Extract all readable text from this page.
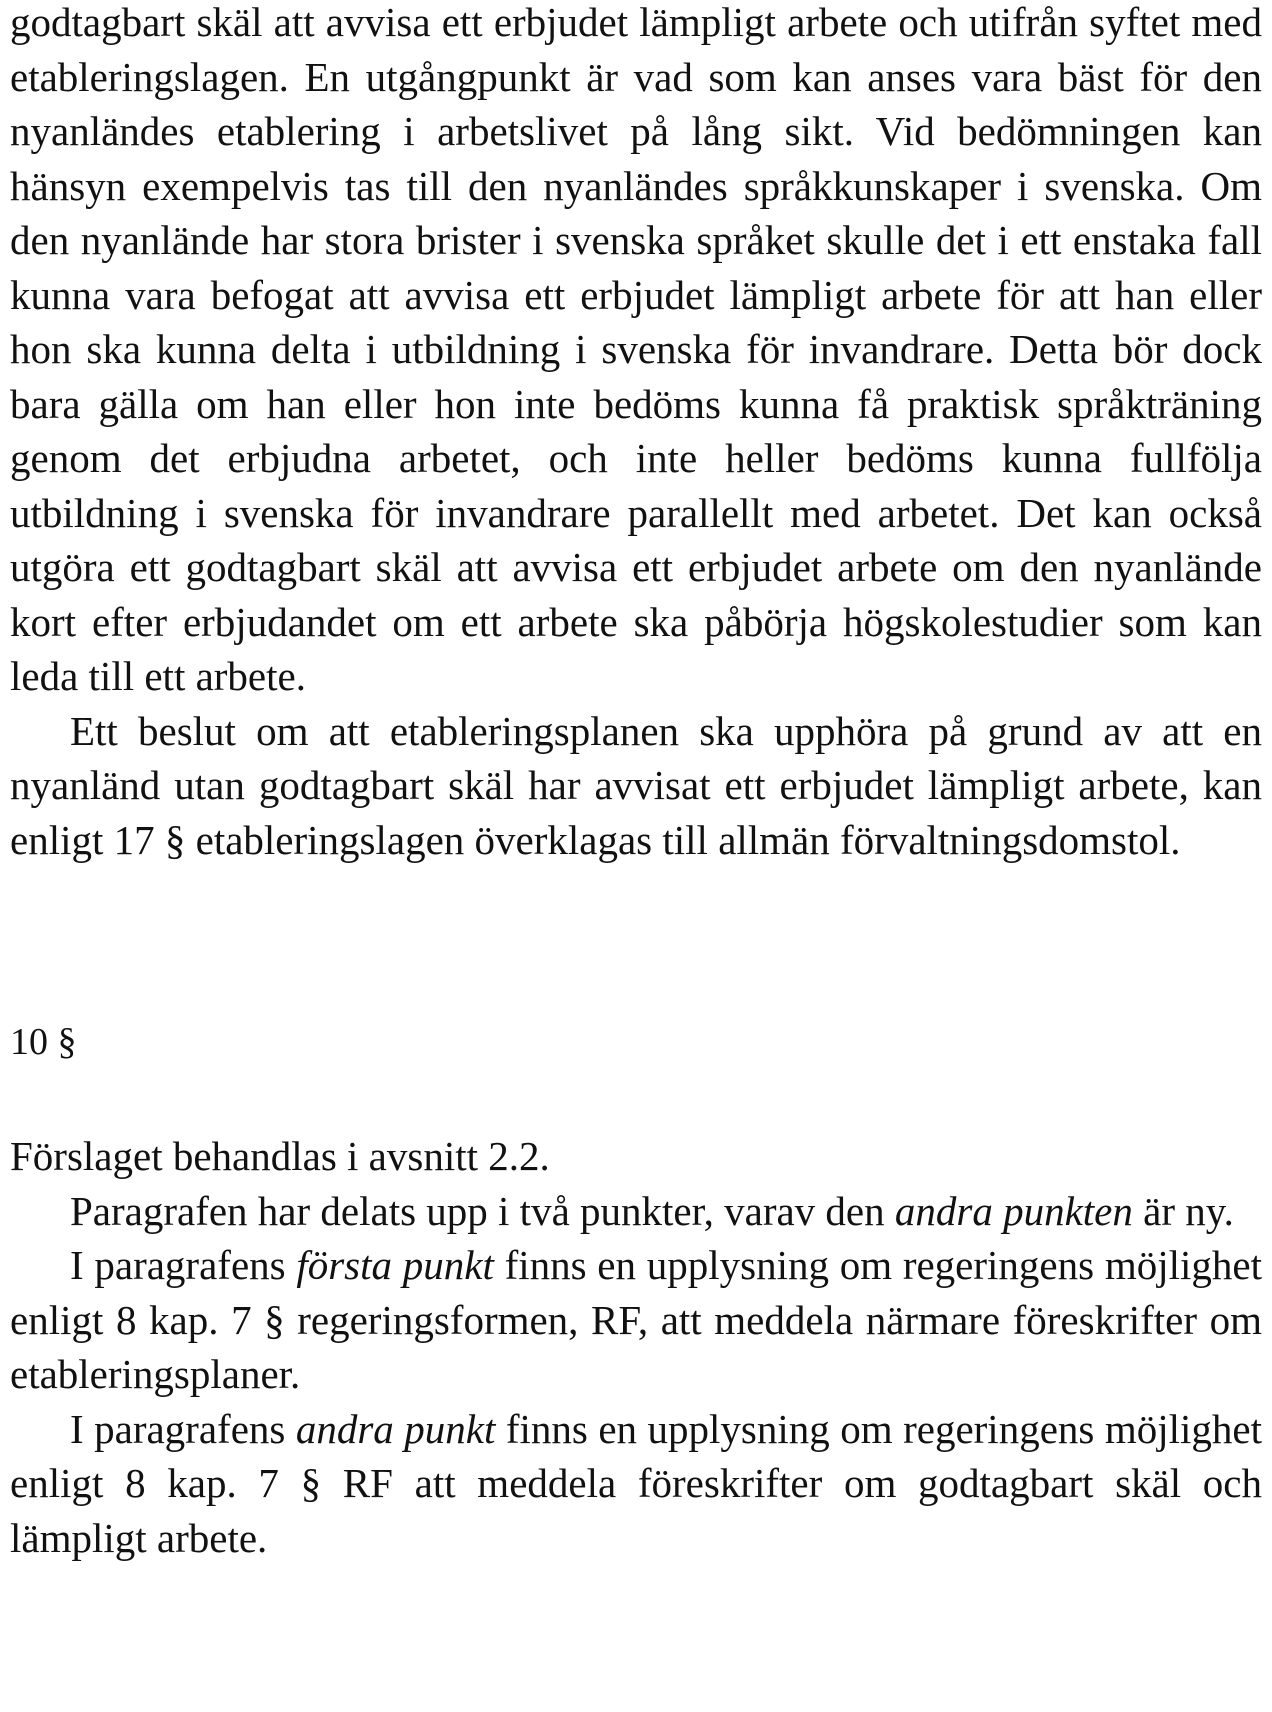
godtagbart skäl att avvisa ett erbjudet lämpligt arbete och utifrån syftet med etableringslagen. En utgångpunkt är vad som kan anses vara bäst för den nyanländes etablering i arbetslivet på lång sikt. Vid bedömningen kan hänsyn exempelvis tas till den nyanländes språkkunskaper i svenska. Om den nyanlände har stora brister i svenska språket skulle det i ett enstaka fall kunna vara befogat att avvisa ett erbjudet lämpligt arbete för att han eller hon ska kunna delta i utbildning i svenska för invandrare. Detta bör dock bara gälla om han eller hon inte bedöms kunna få praktisk språkträning genom det erbjudna arbetet, och inte heller bedöms kunna fullfölja utbildning i svenska för invandrare parallellt med arbetet. Det kan också utgöra ett godtagbart skäl att avvisa ett erbjudet arbete om den nyanlände kort efter erbjudandet om ett arbete ska påbörja högskolestudier som kan leda till ett arbete.

Ett beslut om att etableringsplanen ska upphöra på grund av att en nyanländ utan godtagbart skäl har avvisat ett erbjudet lämpligt arbete, kan enligt 17 § etableringslagen överklagas till allmän förvaltningsdomstol.

10 §

Förslaget behandlas i avsnitt 2.2.

Paragrafen har delats upp i två punkter, varav den andra punkten är ny.

I paragrafens första punkt finns en upplysning om regeringens möjlighet enligt 8 kap. 7 § regeringsformen, RF, att meddela närmare föreskrifter om etableringsplaner.

I paragrafens andra punkt finns en upplysning om regeringens möjlighet enligt 8 kap. 7 § RF att meddela föreskrifter om godtagbart skäl och lämpligt arbete.
